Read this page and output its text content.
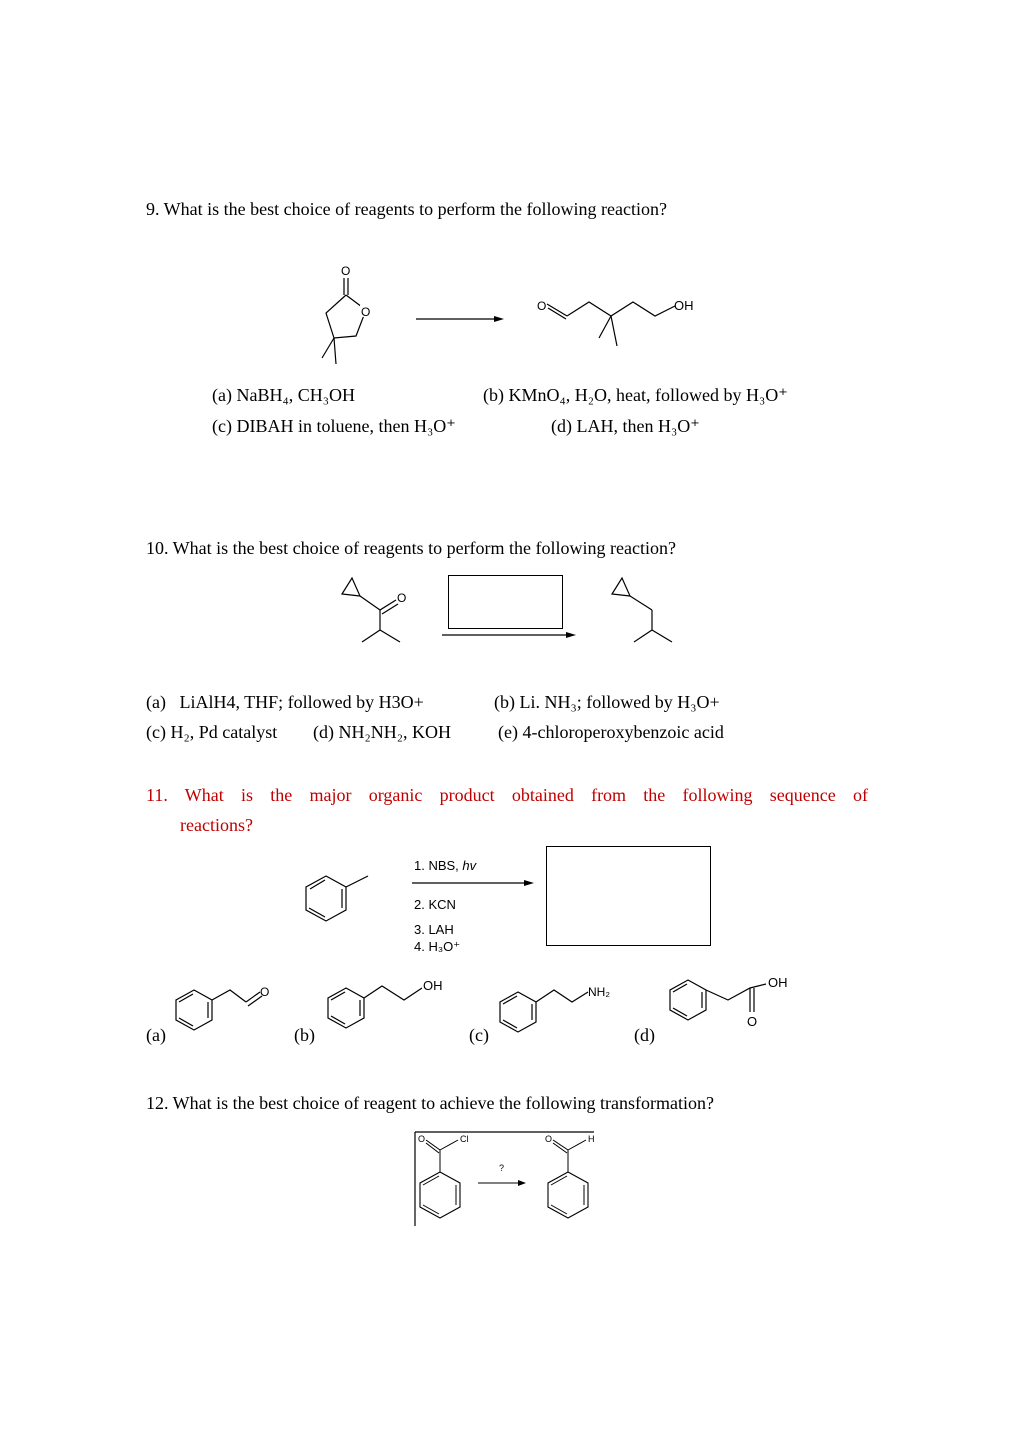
9. What is the best choice of reagents to perform the following reaction?
O
O	O	OH
(a) NaBH₄, CH₃OH	(b) KMnO₄, H₂O, heat, followed by H₃O⁺
(c) DIBAH in toluene, then H₃O⁺	(d) LAH, then H₃O⁺
10. What is the best choice of reagents to perform the following reaction?
O
(a)   LiAlH4, THF; followed by H3O+	(b) Li. NH₃; followed by H₃O+
(c) H₂, Pd catalyst (d) NH₂NH₂, KOH	(e) 4-chloroperoxybenzoic acid
11. What is the major organic product obtained from the following sequence of
reactions?
1. NBS, hv
2. KCN
3. LAH
4. H₃O⁺
(a)
O
(b)
OH
(c)
NH₂
(d)
O
OH
12. What is the best choice of reagent to achieve the following transformation?
O	Cl
?
O	H
